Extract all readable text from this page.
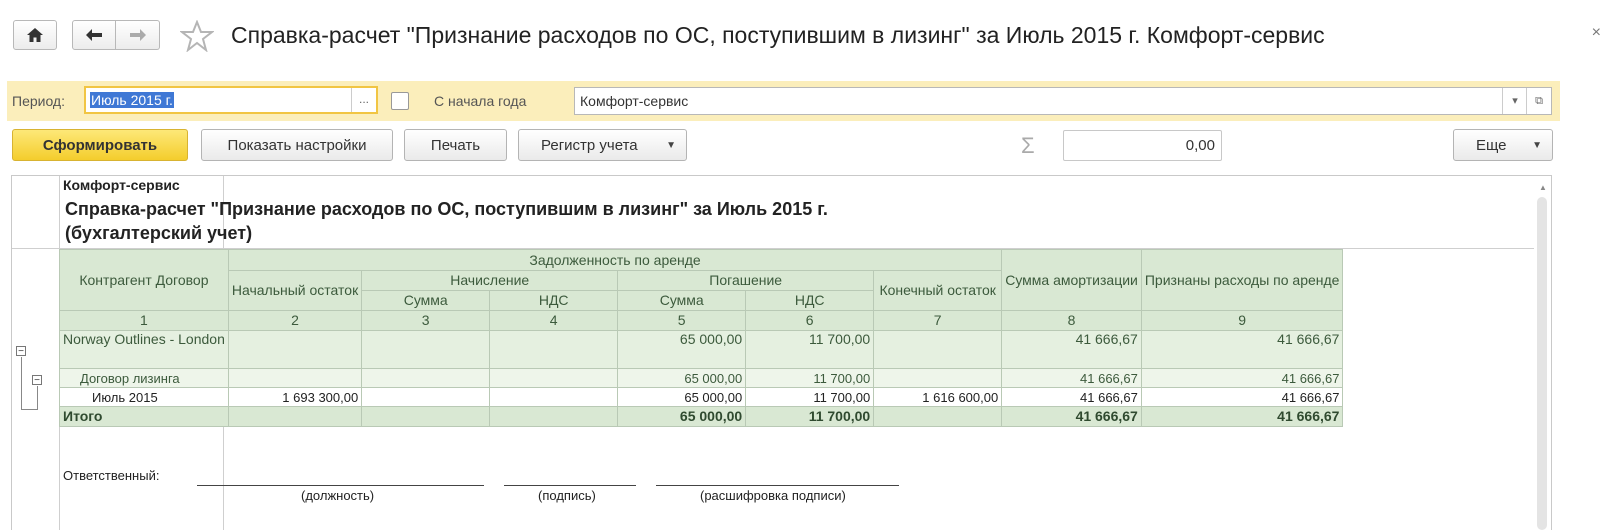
Справка-расчет "Признание расходов по ОС, поступившим в лизинг" за Июль 2015 г. Комфорт-сервис	×
Период: Июль 2015 г.	...	С начала года	Комфорт-сервис	▾	⧉
Сформировать	Показать настройки	Печать	Регистр учета	▼	Σ	0,00	Еще	▼
Комфорт-сервис
Справка-расчет "Признание расходов по ОС, поступившим в лизинг" за Июль 2015 г.
(бухгалтерский учет)
−
−
Контрагент Договор	Задолженность по аренде						Сумма амортизации	Признаны расходы по аренде
	Начальный остаток	Начисление		Погашение		Конечный остаток		
		Сумма	НДС	Сумма	НДС			
1	2	3	4	5	6	7	8	9
Norway Outlines - London				65 000,00	11 700,00		41 666,67	41 666,67
Договор лизинга				65 000,00	11 700,00		41 666,67	41 666,67
Июль 2015	1 693 300,00			65 000,00	11 700,00	1 616 600,00	41 666,67	41 666,67
Итого				65 000,00	11 700,00		41 666,67	41 666,67
Ответственный:
(должность)	(подпись)	(расшифровка подписи)
▲
